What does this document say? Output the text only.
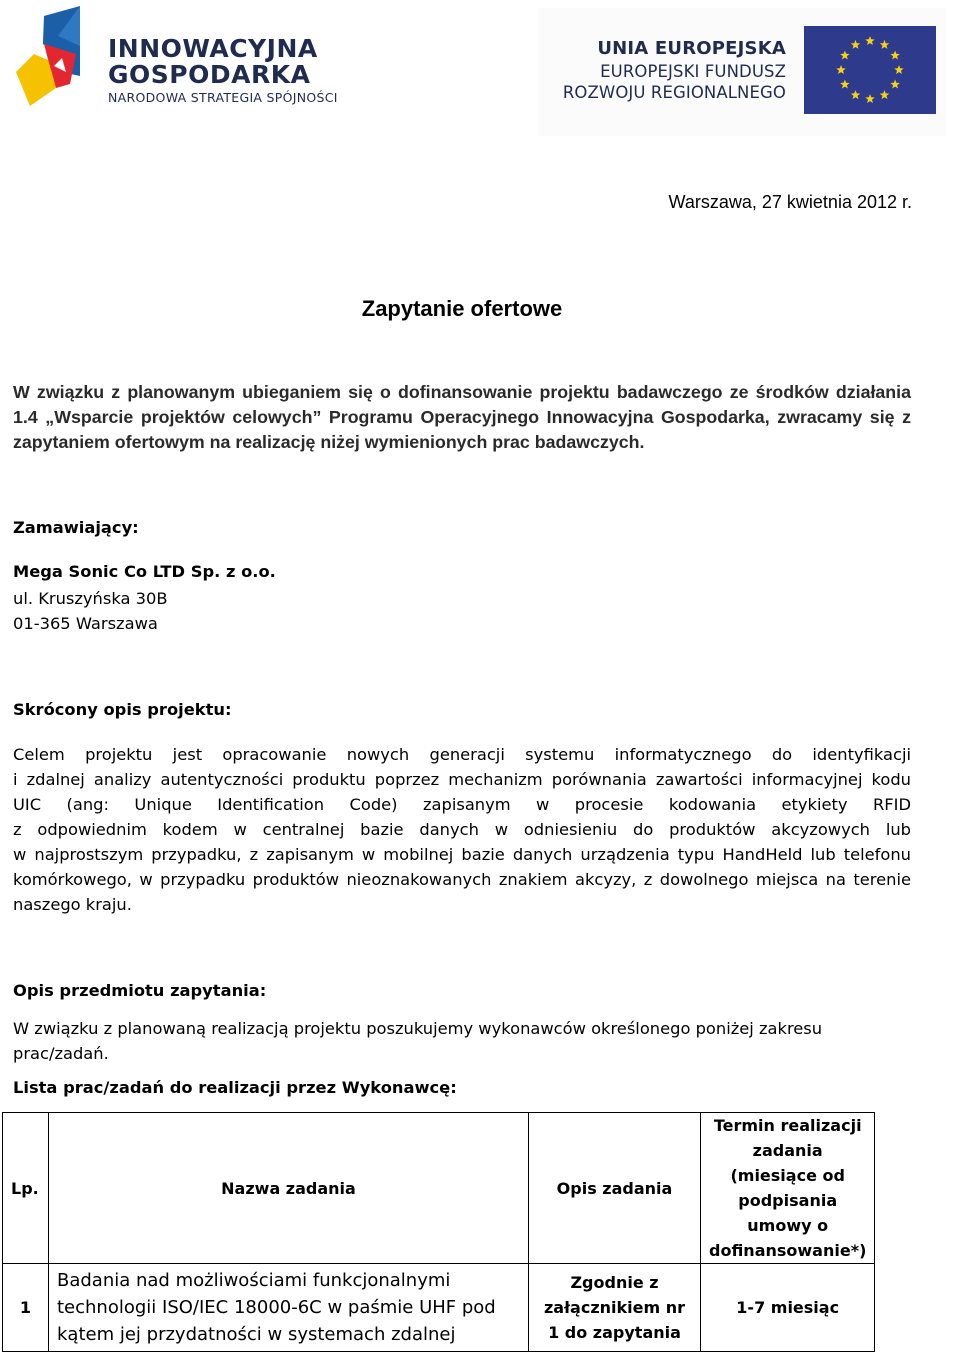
INNOWACYJNA
GOSPODARKA
NARODOWA STRATEGIA SPÓJNOŚCI
UNIA EUROPEJSKA
EUROPEJSKI FUNDUSZ
ROZWOJU REGIONALNEGO
Warszawa, 27 kwietnia 2012 r.
Zapytanie ofertowe
W związku z planowanym ubieganiem się o dofinansowanie projektu badawczego ze środków działania 1.4 „Wsparcie projektów celowych” Programu Operacyjnego Innowacyjna Gospodarka, zwracamy się z zapytaniem ofertowym na realizację niżej wymienionych prac badawczych.
Zamawiający:
Mega Sonic Co LTD Sp. z o.o.
ul. Kruszyńska 30B
01-365 Warszawa
Skrócony opis projektu:
Celem projektu jest opracowanie nowych generacji systemu informatycznego do identyfikacji
i zdalnej analizy autentyczności produktu poprzez mechanizm porównania zawartości informacyjnej kodu
UIC (ang: Unique Identification Code) zapisanym w procesie kodowania etykiety RFID
z odpowiednim kodem w centralnej bazie danych w odniesieniu do produktów akcyzowych lub
w najprostszym przypadku, z zapisanym w mobilnej bazie danych urządzenia typu HandHeld lub telefonu
komórkowego, w przypadku produktów nieoznakowanych znakiem akcyzy, z dowolnego miejsca na terenie
naszego kraju.
Opis przedmiotu zapytania:
W związku z planowaną realizacją projektu poszukujemy wykonawców określonego poniżej zakresu prac/zadań.
Lista prac/zadań do realizacji przez Wykonawcę:
Lp.	Nazwa zadania	Opis zadania	Termin realizacji zadania (miesiące od podpisania umowy o dofinansowanie*)
1	Badania nad możliwościami funkcjonalnymi technologii ISO/IEC 18000-6C w paśmie UHF pod kątem jej przydatności w systemach zdalnej	Zgodnie z załącznikiem nr 1 do zapytania	1-7 miesiąc
